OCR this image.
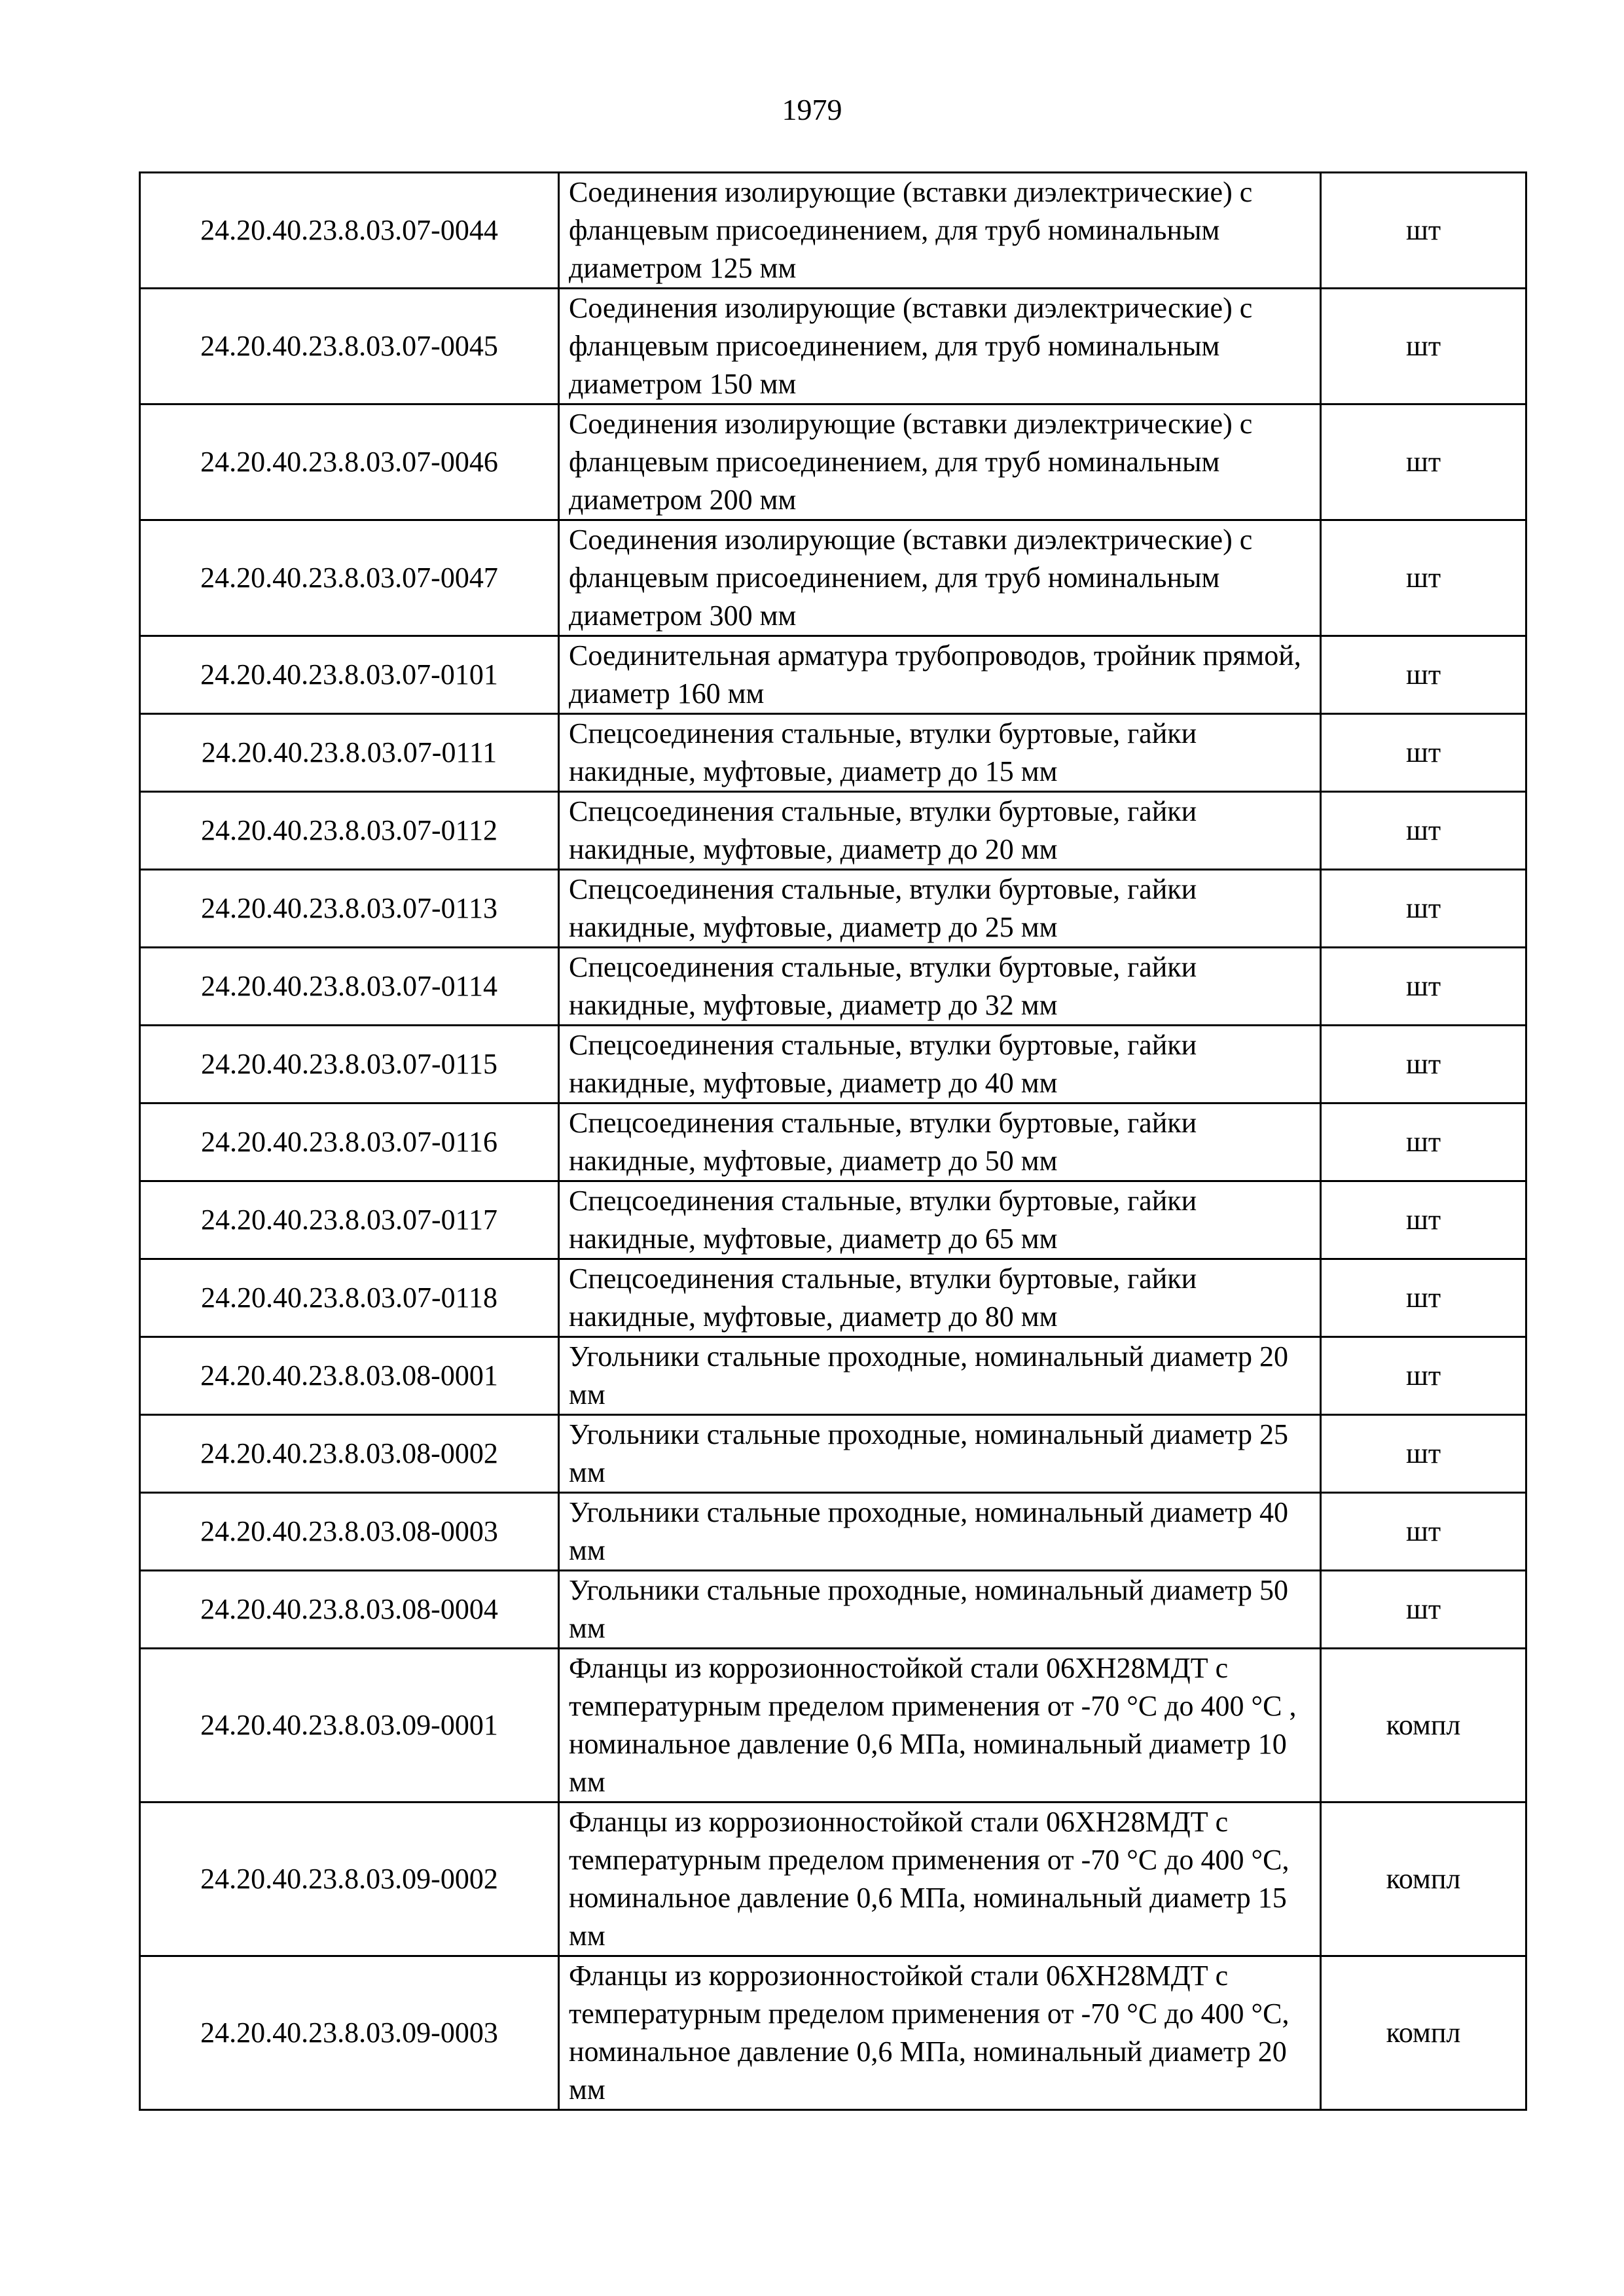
1979
24.20.40.23.8.03.07-0044	Соединения изолирующие (вставки диэлектрические) с фланцевым присоединением, для труб номинальным диаметром 125 мм	шт
24.20.40.23.8.03.07-0045	Соединения изолирующие (вставки диэлектрические) с фланцевым присоединением, для труб номинальным диаметром 150 мм	шт
24.20.40.23.8.03.07-0046	Соединения изолирующие (вставки диэлектрические) с фланцевым присоединением, для труб номинальным диаметром 200 мм	шт
24.20.40.23.8.03.07-0047	Соединения изолирующие (вставки диэлектрические) с фланцевым присоединением, для труб номинальным диаметром 300 мм	шт
24.20.40.23.8.03.07-0101	Соединительная арматура трубопроводов, тройник прямой, диаметр 160 мм	шт
24.20.40.23.8.03.07-0111	Спецсоединения стальные, втулки буртовые, гайки накидные, муфтовые, диаметр до 15 мм	шт
24.20.40.23.8.03.07-0112	Спецсоединения стальные, втулки буртовые, гайки накидные, муфтовые, диаметр до 20 мм	шт
24.20.40.23.8.03.07-0113	Спецсоединения стальные, втулки буртовые, гайки накидные, муфтовые, диаметр до 25 мм	шт
24.20.40.23.8.03.07-0114	Спецсоединения стальные, втулки буртовые, гайки накидные, муфтовые, диаметр до 32 мм	шт
24.20.40.23.8.03.07-0115	Спецсоединения стальные, втулки буртовые, гайки накидные, муфтовые, диаметр до 40 мм	шт
24.20.40.23.8.03.07-0116	Спецсоединения стальные, втулки буртовые, гайки накидные, муфтовые, диаметр до 50 мм	шт
24.20.40.23.8.03.07-0117	Спецсоединения стальные, втулки буртовые, гайки накидные, муфтовые, диаметр до 65 мм	шт
24.20.40.23.8.03.07-0118	Спецсоединения стальные, втулки буртовые, гайки накидные, муфтовые, диаметр до 80 мм	шт
24.20.40.23.8.03.08-0001	Угольники стальные проходные, номинальный диаметр 20 мм	шт
24.20.40.23.8.03.08-0002	Угольники стальные проходные, номинальный диаметр 25 мм	шт
24.20.40.23.8.03.08-0003	Угольники стальные проходные, номинальный диаметр 40 мм	шт
24.20.40.23.8.03.08-0004	Угольники стальные проходные, номинальный диаметр 50 мм	шт
24.20.40.23.8.03.09-0001	Фланцы из коррозионностойкой стали 06ХН28МДТ с температурным пределом применения от -70 °С до 400 °С , номинальное давление 0,6 МПа, номинальный диаметр 10 мм	компл
24.20.40.23.8.03.09-0002	Фланцы из коррозионностойкой стали 06ХН28МДТ с температурным пределом применения от -70 °С до 400 °С, номинальное давление 0,6 МПа, номинальный диаметр 15 мм	компл
24.20.40.23.8.03.09-0003	Фланцы из коррозионностойкой стали 06ХН28МДТ с температурным пределом применения от -70 °С до 400 °С, номинальное давление 0,6 МПа, номинальный диаметр 20 мм	компл
